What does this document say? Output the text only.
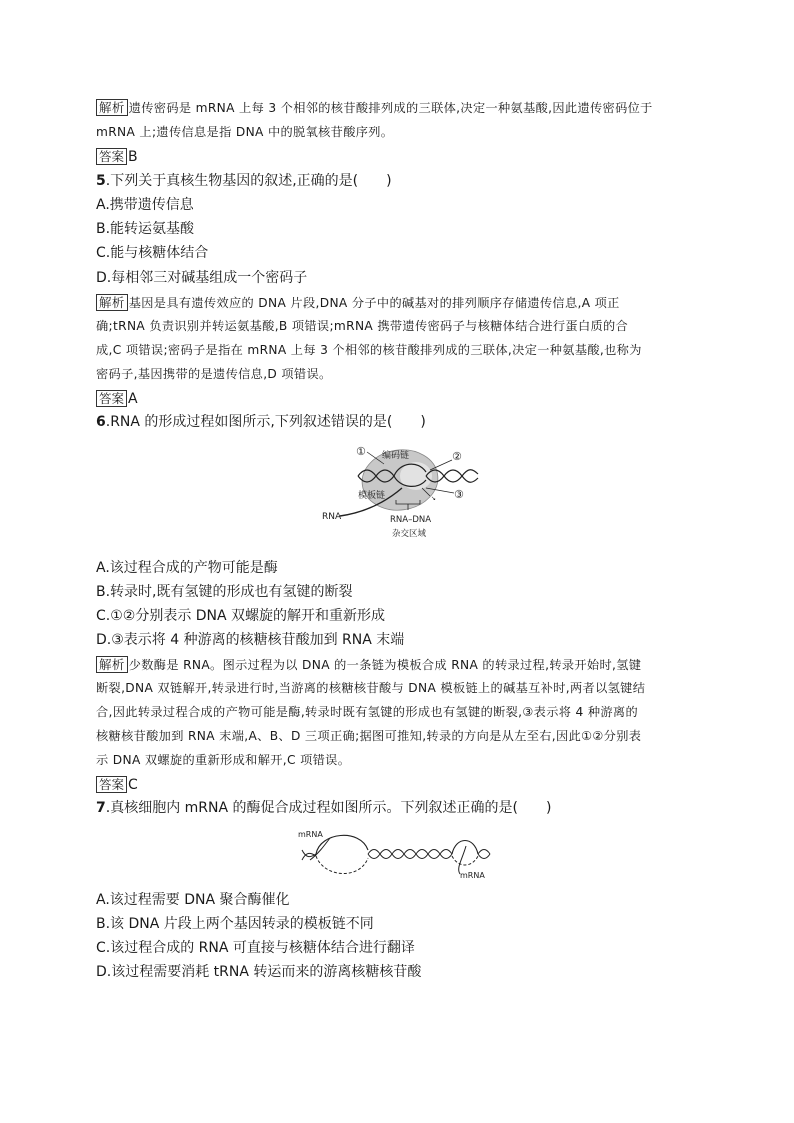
解析 遗传密码是 mRNA 上每 3 个相邻的核苷酸排列成的三联体,决定一种氨基酸,因此遗传密码位于
mRNA 上;遗传信息是指 DNA 中的脱氧核苷酸序列。
答案 B
5.下列关于真核生物基因的叙述,正确的是(　　)
A.携带遗传信息
B.能转运氨基酸
C.能与核糖体结合
D.每相邻三对碱基组成一个密码子
解析 基因是具有遗传效应的 DNA 片段,DNA 分子中的碱基对的排列顺序存储遗传信息,A 项正
确;tRNA 负责识别并转运氨基酸,B 项错误;mRNA 携带遗传密码子与核糖体结合进行蛋白质的合
成,C 项错误;密码子是指在 mRNA 上每 3 个相邻的核苷酸排列成的三联体,决定一种氨基酸,也称为
密码子,基因携带的是遗传信息,D 项错误。
答案 A
6.RNA 的形成过程如图所示,下列叙述错误的是(　　)
↘
① 编码链	②
模板链	③
RNA	RNA–DNA
杂交区域
A.该过程合成的产物可能是酶
B.转录时,既有氢键的形成也有氢键的断裂
C.①②分别表示 DNA 双螺旋的解开和重新形成
D.③表示将 4 种游离的核糖核苷酸加到 RNA 末端
解析 少数酶是 RNA。图示过程为以 DNA 的一条链为模板合成 RNA 的转录过程,转录开始时,氢键
断裂,DNA 双链解开,转录进行时,当游离的核糖核苷酸与 DNA 模板链上的碱基互补时,两者以氢键结
合,因此转录过程合成的产物可能是酶,转录时既有氢键的形成也有氢键的断裂,③表示将 4 种游离的
核糖核苷酸加到 RNA 末端,A、B、D 三项正确;据图可推知,转录的方向是从左至右,因此①②分别表
示 DNA 双螺旋的重新形成和解开,C 项错误。
答案 C
7.真核细胞内 mRNA 的酶促合成过程如图所示。下列叙述正确的是(　　)
mRNA
mRNA
A.该过程需要 DNA 聚合酶催化
B.该 DNA 片段上两个基因转录的模板链不同
C.该过程合成的 RNA 可直接与核糖体结合进行翻译
D.该过程需要消耗 tRNA 转运而来的游离核糖核苷酸
